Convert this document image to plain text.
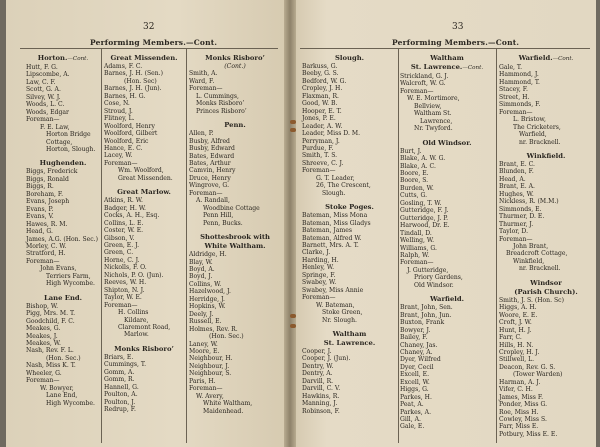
32
Performing Members.—Cont.
Horton.—Cont.
Hutt, F. G.
Lipscombe, A.
Law, C. F.
Scott, G. A.
Silvey, W. J.
Woods, L. C.
Woods, Edgar
Foreman—
F. E. Law,
Horton Bridge
Cottage,
Horton, Slough.
Hughenden.
Biggs, Frederick
Biggs, Ronald
Biggs, R.
Boreham, F.
Evans, Joseph
Evans, P.
Evans, V.
Hawes, R. M.
Head, G.
James, A.G. (Hon. Sec.)
Morley, C. W.
Stratford, H.
Foreman—
John Evans,
Terriers Farm,
High Wycombe.
Lane End.
Bishop, W.
Pigg, Mrs. M. T.
Goodchild, F. C.
Meakes, G.
Meakes, J.
Meakes, W.
Nash, Rev. F. L.
(Hon. Sec.)
Nash, Miss K. T.
Wheeler, G.
Foreman—
W. Bowyer,
Lane End,
High Wycombe.
Great Missenden.
Adams, F. C.
Barnes, J. H. (Sen.)
(Hon. Sec)
Barnes, J. H. (Jun).
Barnes, H. G.
Cose, N.
Stroud, J.
Flitney, L.
Woolford, Henry
Woolford, Gilbert
Woolford, Eric
Hance, E. C.
Lacey, W.
Foreman—
Wm. Woolford,
Great Missenden.
Great Marlow.
Atkins, R. W.
Badger, H. W.
Cocks, A. H., Esq.
Collins, L. E.
Coster, W. E.
Gibson, V.
Green, E. J.
Green, C.
Horne, C. J.
Nickolls, F. O.
Nichols, P. O. (Jun).
Reeves, W. H.
Shipton, N. J.
Taylor, W. E.
Foreman—
H. Collins
Kildare,
Claremont Road,
Marlow.
Monks Risboro’
Briars, E.
Cummings, T.
Gomm, A.
Gomm, R.
Hannell, G.
Poulton, A.
Poulton, J.
Redrup, F.
Monks Risboro’
(Cont.)
Smith, A.
Ward, F.
Foreman—
L. Cummings,
Monks Risboro’
Princes Risboro’
Penn.
Allen, P.
Busby, Alfred
Busby, Edward
Bates, Edward
Bates, Arthur
Camvin, Henry
Druce, Henry
Wingrove, G.
Foreman—
A. Randall,
Woodbine Cottage
Penn Hill,
Penn, Bucks.
Shottesbrook with
White Waltham.
Aldridge, H.
Blay, W.
Boyd, A.
Boyd, J.
Collins, W.
Hazelwood, J.
Herridge, J.
Hopkins, W.
Deely, J.
Russell, E.
Holmes, Rev. R.
(Hon. Sec.)
Laney, W.
Moore, E.
Neighbour, H.
Neighbour, J.
Neighbour, S.
Paris, H.
Foreman—
W. Avery,
White Waltham,
Maidenhead.
33
Performing Members.—Cont.
Slough.
Barkuss, G.
Beeby, G. S.
Bedford, W. G.
Cropley, J. H.
Flaxman, R.
Good, W. B.
Hooper, E. T.
Jones, P. E.
Leader, A. W.
Leader, Miss D. M.
Perryman, J.
Purdue, F.
Smith, T. S.
Shreeve, C. J.
Foreman—
G. T. Leader,
26, The Crescent,
Slough.
Stoke Poges.
Bateman, Miss Mona
Bateman, Miss Gladys
Bateman, James
Bateman, Alfred W.
Barnett, Mrs. A. T.
Clarke, J.
Harding, H.
Henley, W.
Springe, F.
Swabey, W.
Swabey, Miss Annie
Foreman—
W. Bateman,
Stoke Green,
Nr. Slough.
Waltham
St. Lawrence.
Cooper, J.
Cooper, J. (Jun).
Dentry, W.
Dentry, A.
Darvill, R.
Darvill, C. V.
Hawkins, R.
Manning, J.
Robinson, F.
Waltham
St. Lawrence.—Cont.
Strickland, G. J.
Walcroft, W. G.
Foreman—
W. E. Mortimore,
Bellview,
Waltham St.
Lawrence,
Nr. Twyford.
Old Windsor.
Burt, J.
Blake, A. W. G.
Blake, A. C.
Boore, E.
Boore, S.
Burden, W.
Cutts, G.
Gosling, T. W.
Gutteridge, F. J.
Gutteridge, J. P.
Harwood, Dr. E.
Tindall, D.
Welling, W.
Williams, G.
Ralph, W.
Foreman—
J. Gutteridge,
Priory Gardens,
Old Windsor.
Warfield.
Brant, John, Sen.
Brant, John, Jun.
Buxton, Frank
Bowyer, J.
Bailey, F.
Chaney, Jas.
Chaney, A.
Dyer, Wilfred
Dyer, Cecil
Excell, E.
Excell, W.
Higgs, G.
Parkes, H.
Peat, A.
Parkes, A.
Gill, A.
Gale, E.
Warfield.—Cont.
Gale, T.
Hammond, J.
Hammond, T.
Stacey, F.
Street, H.
Simmonds, F.
Foreman—
L. Bristow,
The Cricketers,
Warfield,
nr. Bracknell.
Winkfield.
Brant, E. C.
Blunden, F.
Head, A.
Brant, E. A.
Hughes, W.
Nickless, R. (M.M.)
Simmonds, E.
Thurmer, D. E.
Thurmer, J.
Taylor, D.
Foreman—
John Brant,
Breadcroft Cottage,
Winkfield,
nr. Bracknell.
Windsor
(Parish Church).
Smith, J. S. (Hon. Sc)
Higgs, A. H.
Woore, E. E.
Croft, J. W.
Hunt, H. J.
Farr, C.
Hills, H. N.
Cropley, H. J.
Stillwell, L.
Deacon, Rev. G. S.
(Tower Warden)
Harman, A. J.
Vifer, C. H.
James, Miss F.
Ponder, Miss G.
Roe, Miss H.
Cowley, Miss S.
Farr, Miss E.
Potbury, Miss E. E.
